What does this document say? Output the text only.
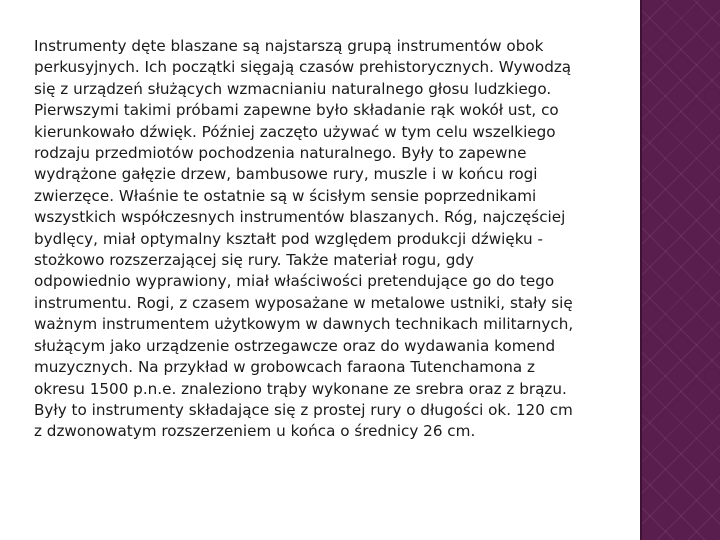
Instrumenty dęte blaszane są najstarszą grupą instrumentów obok
perkusyjnych. Ich początki sięgają czasów prehistorycznych. Wywodzą
się z urządzeń służących wzmacnianiu naturalnego głosu ludzkiego.
Pierwszymi takimi próbami zapewne było składanie rąk wokół ust, co
kierunkowało dźwięk. Później zaczęto używać w tym celu wszelkiego
rodzaju przedmiotów pochodzenia naturalnego. Były to zapewne
wydrążone gałęzie drzew, bambusowe rury, muszle i w końcu rogi
zwierzęce. Właśnie te ostatnie są w ścisłym sensie poprzednikami
wszystkich współczesnych instrumentów blaszanych. Róg, najczęściej
bydlęcy, miał optymalny kształt pod względem produkcji dźwięku -
stożkowo rozszerzającej się rury. Także materiał rogu, gdy
odpowiednio wyprawiony, miał właściwości pretendujące go do tego
instrumentu. Rogi, z czasem wyposażane w metalowe ustniki, stały się
ważnym instrumentem użytkowym w dawnych technikach militarnych,
służącym jako urządzenie ostrzegawcze oraz do wydawania komend
muzycznych. Na przykład w grobowcach faraona Tutenchamona z
okresu 1500 p.n.e. znaleziono trąby wykonane ze srebra oraz z brązu.
Były to instrumenty składające się z prostej rury o długości ok. 120 cm
z dzwonowatym rozszerzeniem u końca o średnicy 26 cm.
